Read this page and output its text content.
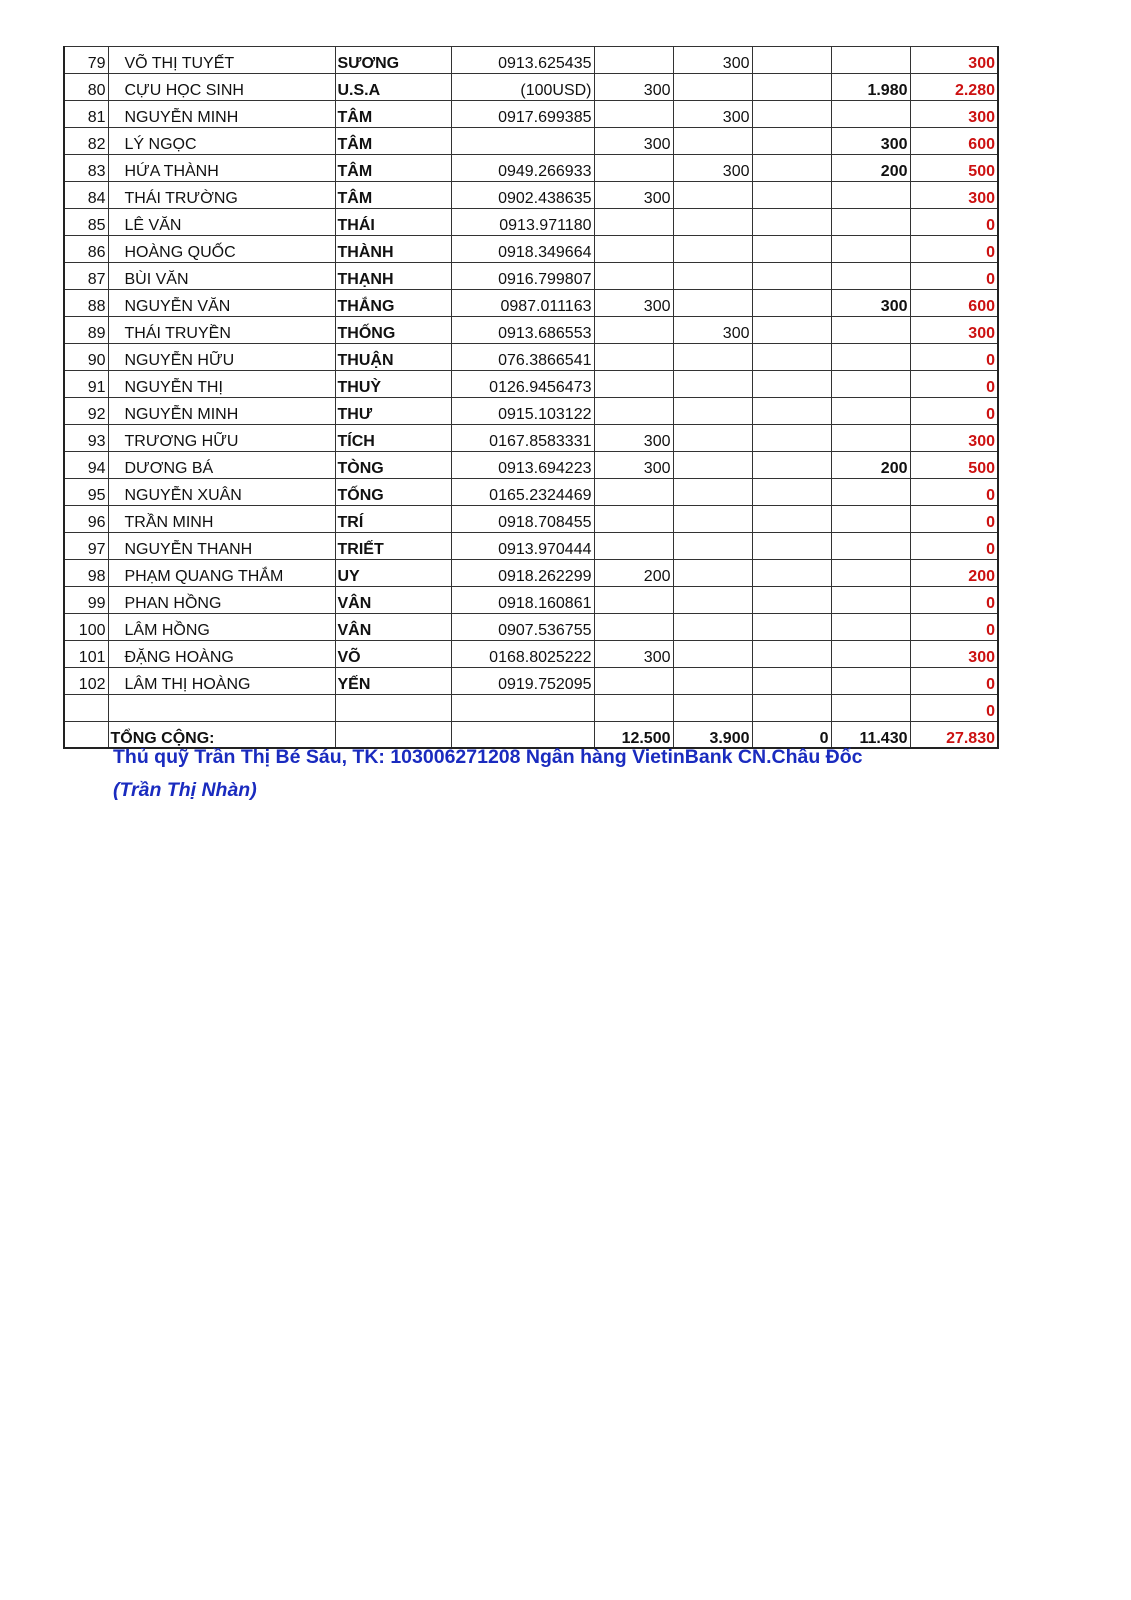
79	VÕ THỊ TUYẾT	SƯƠNG	0913.625435		300			300
80	CỰU HỌC SINH	U.S.A	(100USD)	300			1.980	2.280
81	NGUYỄN MINH	TÂM	0917.699385		300			300
82	LÝ NGỌC	TÂM		300			300	600
83	HỨA THÀNH	TÂM	0949.266933		300		200	500
84	THÁI TRƯỜNG	TÂM	0902.438635	300				300
85	LÊ VĂN	THÁI	0913.971180					0
86	HOÀNG QUỐC	THÀNH	0918.349664					0
87	BÙI VĂN	THẠNH	0916.799807					0
88	NGUYỄN VĂN	THẮNG	0987.011163	300			300	600
89	THÁI TRUYỀN	THỐNG	0913.686553		300			300
90	NGUYỄN HỮU	THUẬN	076.3866541					0
91	NGUYỄN THỊ	THUỲ	0126.9456473					0
92	NGUYỄN MINH	THƯ	0915.103122					0
93	TRƯƠNG HỮU	TÍCH	0167.8583331	300				300
94	DƯƠNG BÁ	TÒNG	0913.694223	300			200	500
95	NGUYỄN XUÂN	TỐNG	0165.2324469					0
96	TRẦN MINH	TRÍ	0918.708455					0
97	NGUYỄN THANH	TRIẾT	0913.970444					0
98	PHẠM QUANG THẮM	UY	0918.262299	200				200
99	PHAN HỒNG	VÂN	0918.160861					0
100	LÂM HỒNG	VÂN	0907.536755					0
101	ĐẶNG HOÀNG	VÕ	0168.8025222	300				300
102	LÂM THỊ HOÀNG	YẾN	0919.752095					0
								0
	TỔNG CỘNG:			12.500	3.900	0	11.430	27.830
Thủ quỹ Trần Thị Bé Sáu, TK: 103006271208 Ngân hàng VietinBank CN.Châu Đốc
(Trần Thị Nhàn)
